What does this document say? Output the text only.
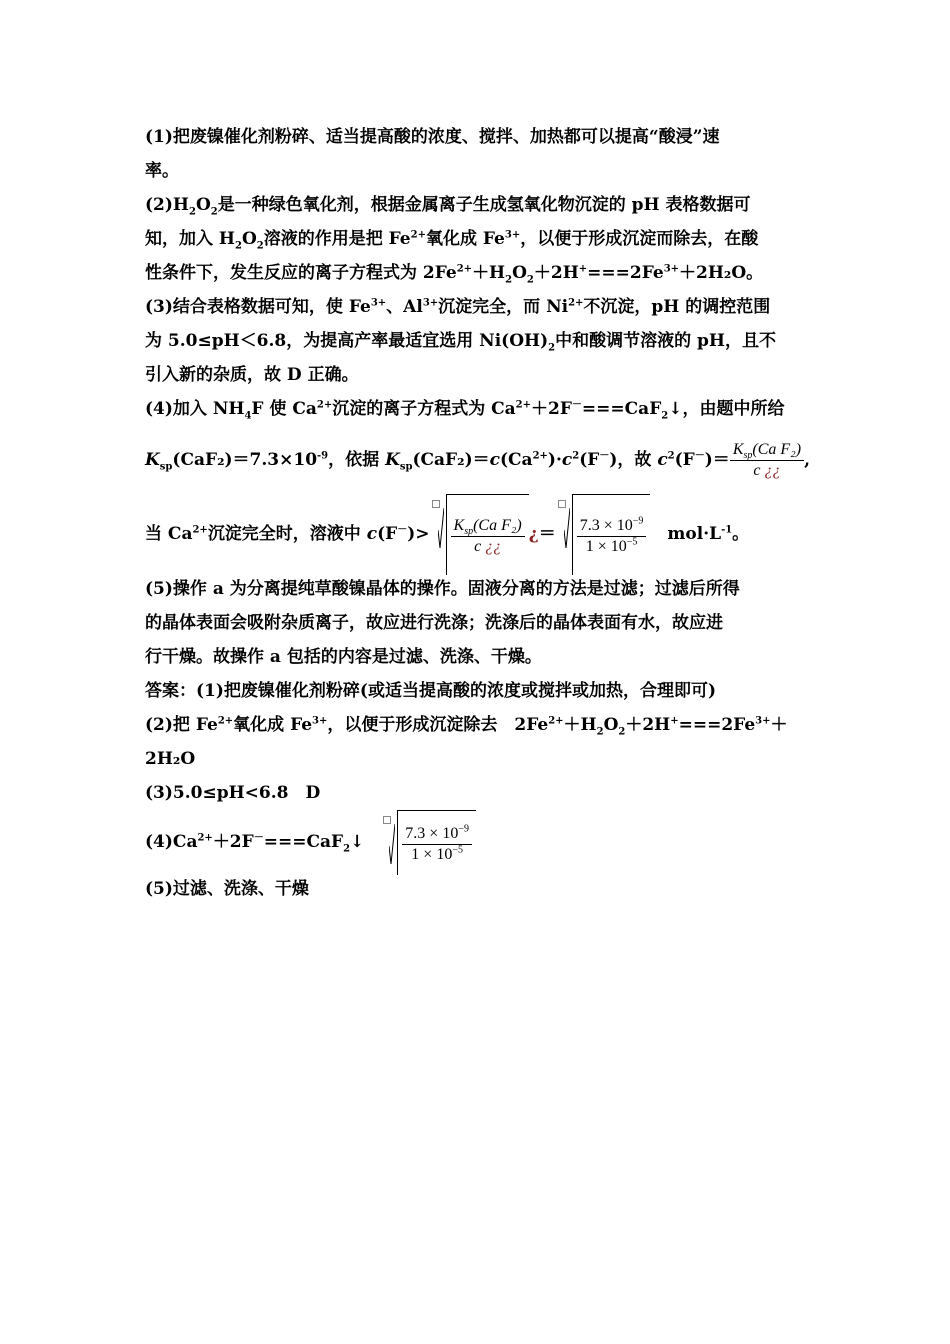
(1)把废镍催化剂粉碎、适当提高酸的浓度、搅拌、加热都可以提高“酸浸”速
率。
$(2)H_2O_2$是一种绿色氧化剂，根据金属离子生成氢氧化物沉淀的 pH 表格数据可
知，加入 $H_2O_2$溶液的作用是把 $Fe^{2+}$氧化成 $Fe^{3+}$，以便于形成沉淀而除去，在酸
性条件下，发生反应的离子方程式为 $2Fe^{2+}+H_2O_2+2H^+===2Fe^{3+}+2H_2O$。
(3)结合表格数据可知，使 $Fe^{3+}$、$Al^{3+}$沉淀完全，而 $Ni^{2+}$不沉淀，pH 的调控范围
为 5.0≤pH＜6.8，为提高产率最适宜选用 $Ni(OH)_2$中和酸调节溶液的 pH，且不
引入新的杂质，故 D 正确。
(4)加入 $NH_4F$ 使 $Ca^{2+}$沉淀的离子方程式为 $Ca^{2+}+2F^-===CaF_2↓$，由题中所给
$K_{sp}(CaF_2)=7.3\times 10^{-9}$，依据 $K_{sp}(CaF_2)=c(Ca^{2+})\cdot c^2(F^-)$，故 $c^2(F^-)= \frac{K_{sp}(Ca F_2)}{c ¿¿}$ ,
当 $Ca^{2+}$沉淀完全时，溶液中 $c(F^-)> \frac{K_{sp}(Ca F_2)}{c ¿¿}$ ¿＝ $\frac{7.3 \times 10^{-9}}{1 \times 10^{-5}}$
　 $mol\cdot L^{-1}$。
(5)操作 a 为分离提纯草酸镍晶体的操作。固液分离的方法是过滤；过滤后所得
的晶体表面会吸附杂质离子，故应进行洗涤；洗涤后的晶体表面有水，故应进
行干燥。故操作 a 包括的内容是过滤、洗涤、干燥。
答案：(1)把废镍催化剂粉碎(或适当提高酸的浓度或搅拌或加热，合理即可)
(2)把 $Fe^{2+}$氧化成 $Fe^{3+}$，以便于形成沉淀除去　$2Fe^{2+}+H_2O_2+2H^+===2Fe^{3+}+$
2H₂O
(3)5.0≤pH<6.8　D
$(4)Ca^{2+}+2F^-===CaF_2↓$　 $\frac{7.3 \times 10^{-9}}{1 \times 10^{-5}}$
(5)过滤、洗涤、干燥
